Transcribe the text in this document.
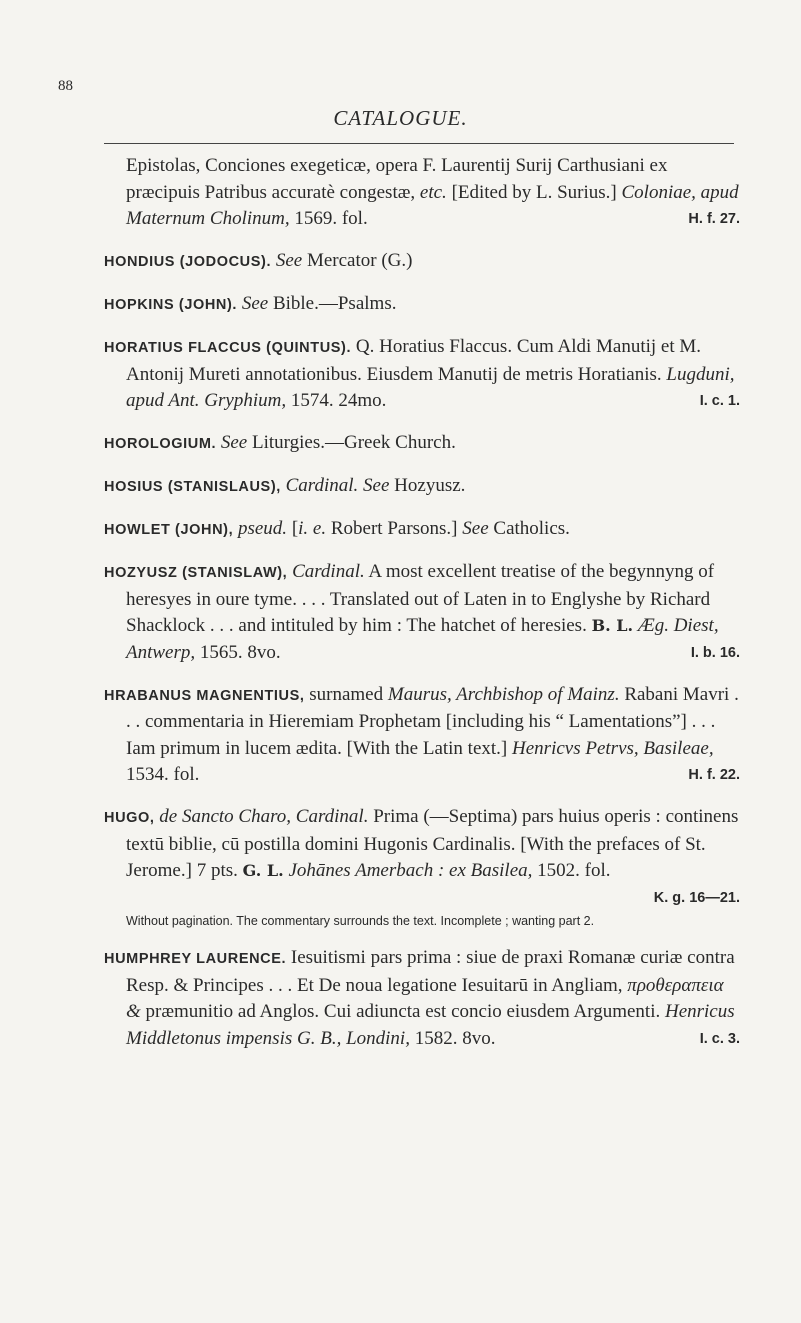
88
CATALOGUE.
Epistolas, Conciones exegeticæ, opera F. Laurentij Surij Carthusiani ex præcipuis Patribus accuratè congestæ, etc. [Edited by L. Surius.] Coloniae, apud Maternum Cholinum, 1569. fol.	H. f. 27.
HONDIUS (JODOCUS). See Mercator (G.)
HOPKINS (JOHN). See Bible.—Psalms.
HORATIUS FLACCUS (QUINTUS). Q. Horatius Flaccus. Cum Aldi Manutij et M. Antonij Mureti annotationibus. Eiusdem Manutij de metris Horatianis. Lugduni, apud Ant. Gryphium, 1574. 24mo.	I. c. 1.
HOROLOGIUM. See Liturgies.—Greek Church.
HOSIUS (STANISLAUS), Cardinal. See Hozyusz.
HOWLET (JOHN), pseud. [i. e. Robert Parsons.] See Catholics.
HOZYUSZ (STANISLAW), Cardinal. A most excellent treatise of the begynnyng of heresyes in oure tyme. . . . Translated out of Laten in to Englyshe by Richard Shacklock . . . and intituled by him : The hatchet of heresies. B. L. Æg. Diest, Antwerp, 1565. 8vo.	I. b. 16.
HRABANUS MAGNENTIUS, surnamed Maurus, Archbishop of Mainz. Rabani Mavri . . . commentaria in Hieremiam Prophetam [including his “ Lamentations”] . . . Iam primum in lucem ædita. [With the Latin text.] Henricvs Petrvs, Basileae, 1534. fol.	H. f. 22.
HUGO, de Sancto Charo, Cardinal. Prima (—Septima) pars huius operis : continens textū biblie, cū postilla domini Hugonis Cardinalis. [With the prefaces of St. Jerome.] 7 pts. G. L. Johānes Amerbach : ex Basilea, 1502. fol.
K. g. 16—21.
Without pagination. The commentary surrounds the text. Incomplete ; wanting part 2.
HUMPHREY LAURENCE. Iesuitismi pars prima : siue de praxi Romanæ curiæ contra Resp. & Principes . . . Et De noua legatione Iesuitarū in Angliam, προθεραπεια & præmunitio ad Anglos. Cui adiuncta est concio eiusdem Argumenti. Henricus Middletonus impensis G. B., Londini, 1582. 8vo.	I. c. 3.
